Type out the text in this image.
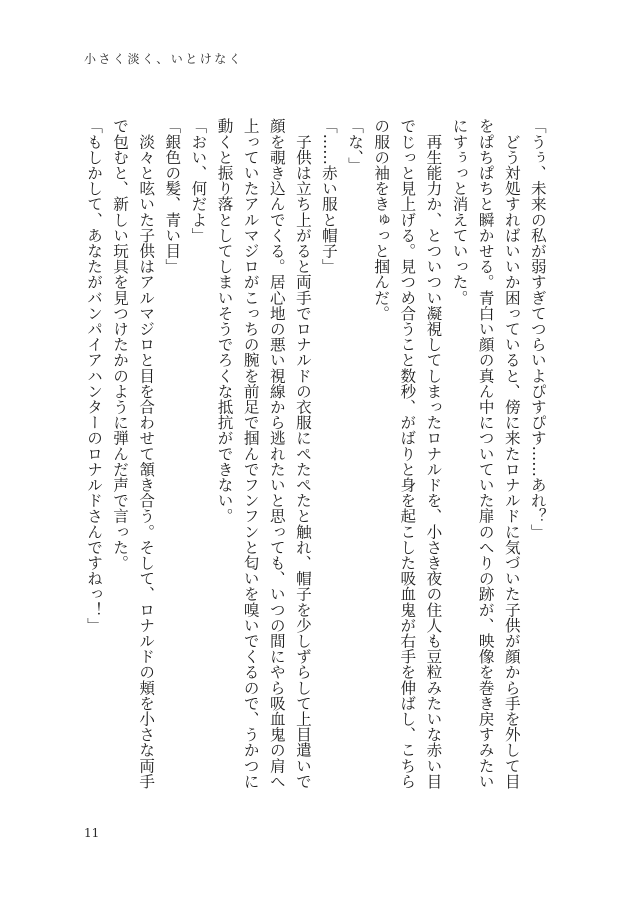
小さく淡く、いとけなく
「うぅ、未来の私が弱すぎてつらいよぴすぴす……あれ？」
　どう対処すればいいか困っていると、傍に来たロナルドに気づいた子供が顔から手を外して目
をぱちぱちと瞬かせる。青白い顔の真ん中についていた扉のへりの跡が、映像を巻き戻すみたい
にすぅっと消えていった。
　再生能力か、とついつい凝視してしまったロナルドを、小さき夜の住人も豆粒みたいな赤い目
でじっと見上げる。見つめ合うこと数秒、がばりと身を起こした吸血鬼が右手を伸ばし、こちら
の服の袖をきゅっと掴んだ。
「な、」
「……赤い服と帽子」
　子供は立ち上がると両手でロナルドの衣服にぺたぺたと触れ、帽子を少しずらして上目遣いで
顔を覗き込んでくる。居心地の悪い視線から逃れたいと思っても、いつの間にやら吸血鬼の肩へ
上っていたアルマジロがこっちの腕を前足で掴んでフンフンと匂いを嗅いでくるので、うかつに
動くと振り落としてしまいそうでろくな抵抗ができない。
「おい、何だよ」
「銀色の髪、青い目」
　淡々と呟いた子供はアルマジロと目を合わせて頷き合う。そして、ロナルドの頬を小さな両手
で包むと、新しい玩具を見つけたかのように弾んだ声で言った。
「もしかして、あなたがバンパイアハンターのロナルドさんですねっ！」
11
